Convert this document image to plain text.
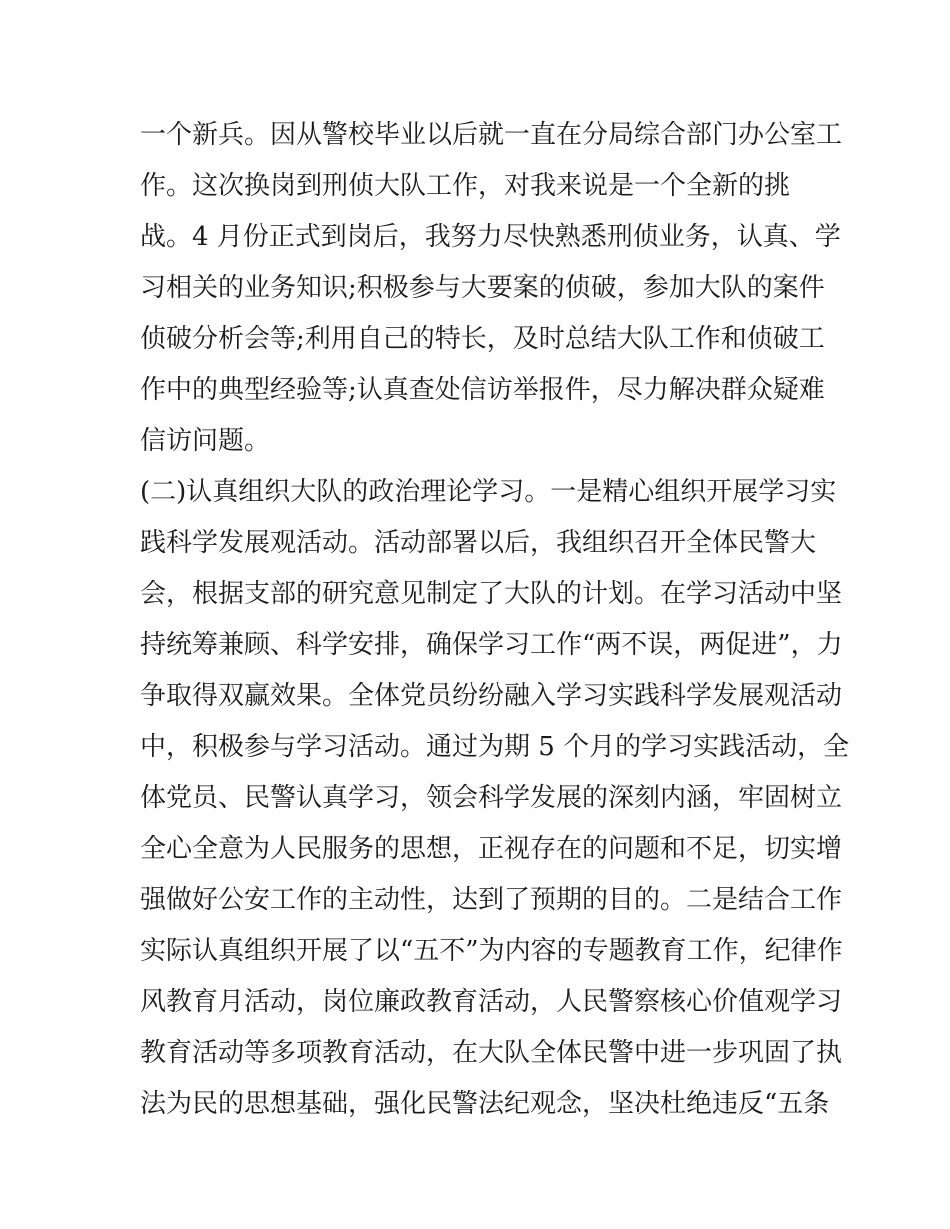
一个新兵。因从警校毕业以后就一直在分局综合部门办公室工
作。这次换岗到刑侦大队工作，对我来说是一个全新的挑
战。4 月份正式到岗后，我努力尽快熟悉刑侦业务，认真、学
习相关的业务知识;积极参与大要案的侦破，参加大队的案件
侦破分析会等;利用自己的特长，及时总结大队工作和侦破工
作中的典型经验等;认真查处信访举报件，尽力解决群众疑难
信访问题。
(二)认真组织大队的政治理论学习。一是精心组织开展学习实
践科学发展观活动。活动部署以后，我组织召开全体民警大
会，根据支部的研究意见制定了大队的计划。在学习活动中坚
持统筹兼顾、科学安排，确保学习工作“两不误，两促进”，力
争取得双赢效果。全体党员纷纷融入学习实践科学发展观活动
中，积极参与学习活动。通过为期 5 个月的学习实践活动，全
体党员、民警认真学习，领会科学发展的深刻内涵，牢固树立
全心全意为人民服务的思想，正视存在的问题和不足，切实增
强做好公安工作的主动性，达到了预期的目的。二是结合工作
实际认真组织开展了以“五不”为内容的专题教育工作，纪律作
风教育月活动，岗位廉政教育活动，人民警察核心价值观学习
教育活动等多项教育活动，在大队全体民警中进一步巩固了执
法为民的思想基础，强化民警法纪观念，坚决杜绝违反“五条
